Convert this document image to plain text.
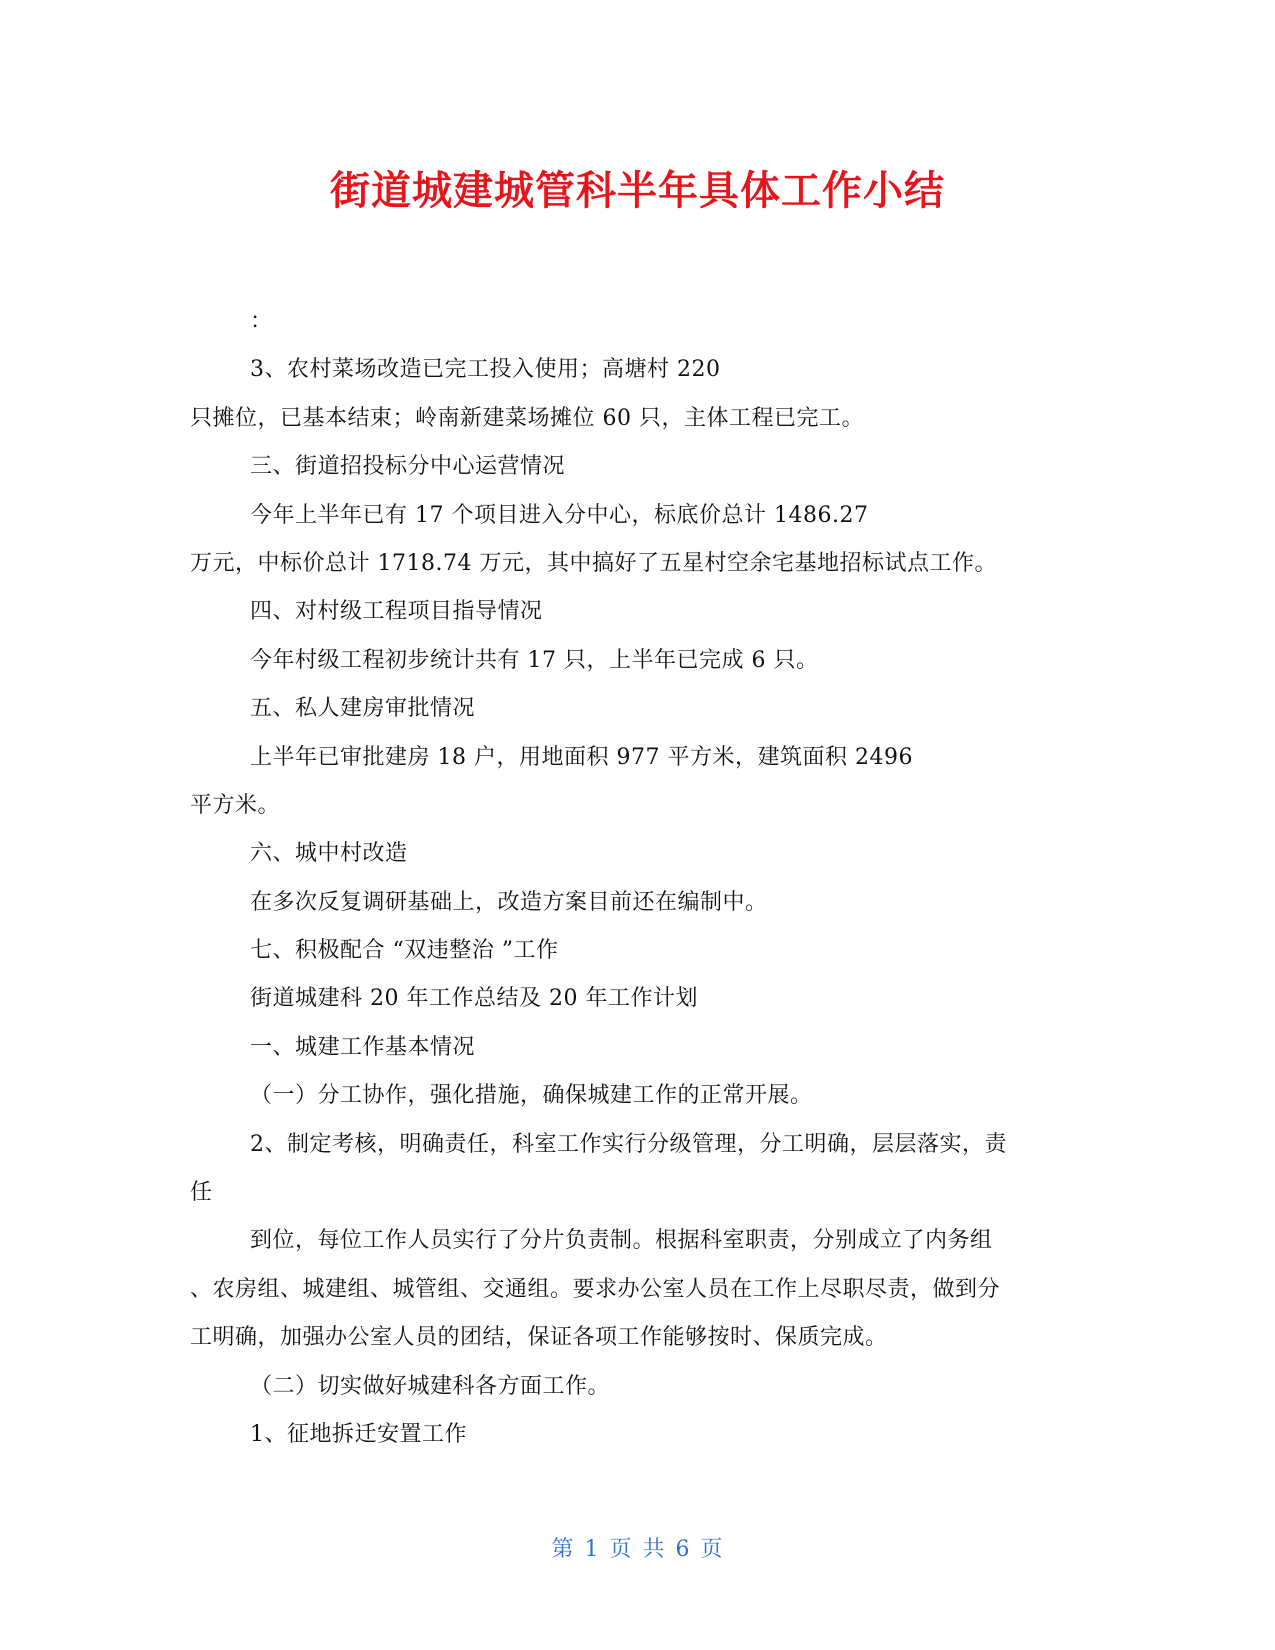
街道城建城管科半年具体工作小结
：
3、农村菜场改造已完工投入使用；高塘村 220
只摊位，已基本结束；岭南新建菜场摊位 60 只，主体工程已完工。
三、街道招投标分中心运营情况
今年上半年已有 17 个项目进入分中心，标底价总计 1486.27
万元，中标价总计 1718.74 万元，其中搞好了五星村空余宅基地招标试点工作。
四、对村级工程项目指导情况
今年村级工程初步统计共有 17 只，上半年已完成 6 只。
五、私人建房审批情况
上半年已审批建房 18 户，用地面积 977 平方米，建筑面积 2496
平方米。
六、城中村改造
在多次反复调研基础上，改造方案目前还在编制中。
七、积极配合 “双违整治 ”工作
街道城建科 20 年工作总结及 20 年工作计划
一、城建工作基本情况
（一）分工协作，强化措施，确保城建工作的正常开展。
2、制定考核，明确责任，科室工作实行分级管理，分工明确，层层落实，责
任
到位，每位工作人员实行了分片负责制。根据科室职责，分别成立了内务组
、农房组、城建组、城管组、交通组。要求办公室人员在工作上尽职尽责，做到分
工明确，加强办公室人员的团结，保证各项工作能够按时、保质完成。
（二）切实做好城建科各方面工作。
1、征地拆迁安置工作
第 1 页 共 6 页
